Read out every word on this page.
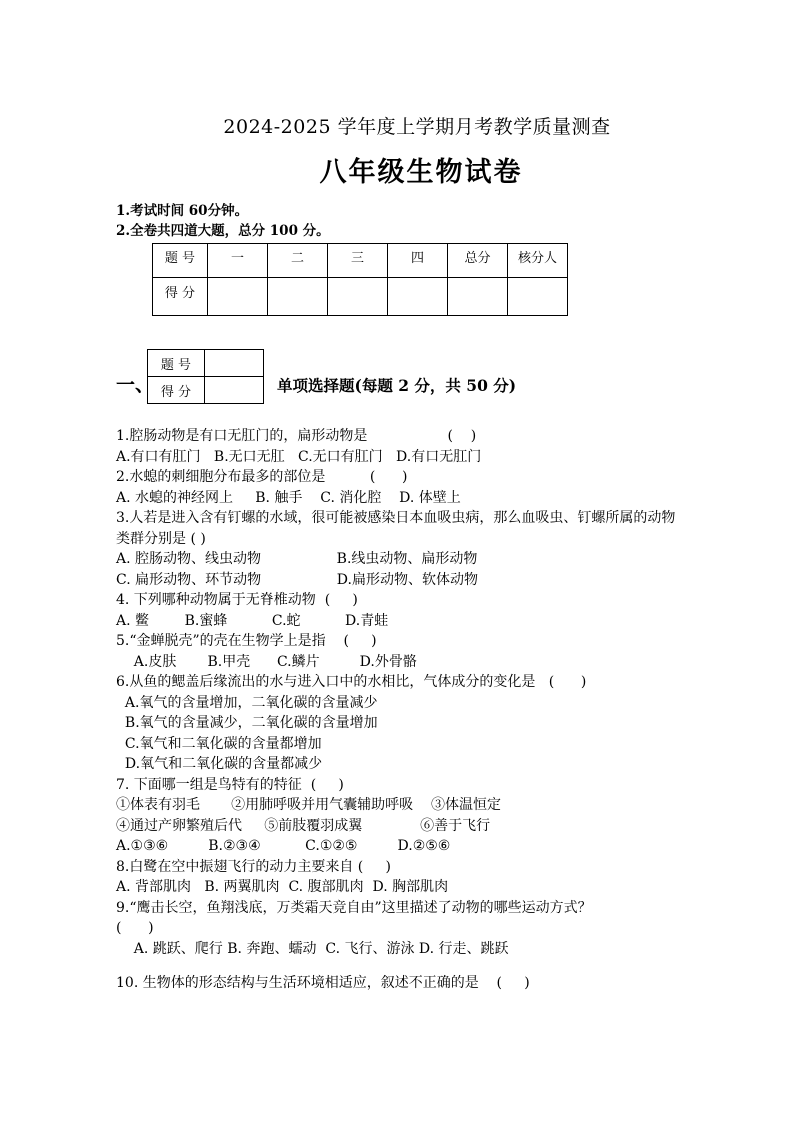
2024-2025 学年度上学期月考教学质量测查
八年级生物试卷
1.考试时间 60分钟。
2.全卷共四道大题，总分 100 分。
题 号	一	二	三	四	总分	核分人
得 分						
一、
题 号	
得 分		单项选择题(每题 2 分，共 50 分)
1.腔肠动物是有口无肛门的，扁形动物是                  (    )
A.有口有肛门   B.无口无肛   C.无口有肛门   D.有口无肛门
2.水螅的刺细胞分布最多的部位是          (      )
A. 水螅的神经网上     B. 触手    C. 消化腔    D. 体壁上
3.人若是进入含有钉螺的水域，很可能被感染日本血吸虫病，那么血吸虫、钉螺所属的动物类群分别是 ( )
A. 腔肠动物、线虫动物                 B.线虫动物、扁形动物
C. 扁形动物、环节动物                 D.扁形动物、软体动物
4. 下列哪种动物属于无脊椎动物  (     )
A. 鳖        B.蜜蜂          C.蛇          D.青蛙
5.“金蝉脱壳”的壳在生物学上是指    (     )
A.皮肤       B.甲壳      C.鳞片         D.外骨骼
6.从鱼的鳃盖后缘流出的水与进入口中的水相比，气体成分的变化是   (      )
A.氧气的含量增加，二氧化碳的含量减少
B.氧气的含量减少，二氧化碳的含量增加
C.氧气和二氧化碳的含量都增加
D.氧气和二氧化碳的含量都减少
7. 下面哪一组是鸟特有的特征  (     )
①体表有羽毛       ②用肺呼吸并用气囊辅助呼吸    ③体温恒定
④通过产卵繁殖后代     ⑤前肢覆羽成翼             ⑥善于飞行
A.①③⑥         B.②③④          C.①②⑤         D.②⑤⑥
8.白鹭在空中振翅飞行的动力主要来自 (     )
A. 背部肌肉   B. 两翼肌肉  C. 腹部肌肉  D. 胸部肌肉
9.“鹰击长空，鱼翔浅底，万类霜天竞自由”这里描述了动物的哪些运动方式？
(      )
A. 跳跃、爬行 B. 奔跑、蠕动  C. 飞行、游泳 D. 行走、跳跃
10. 生物体的形态结构与生活环境相适应，叙述不正确的是    (     )
